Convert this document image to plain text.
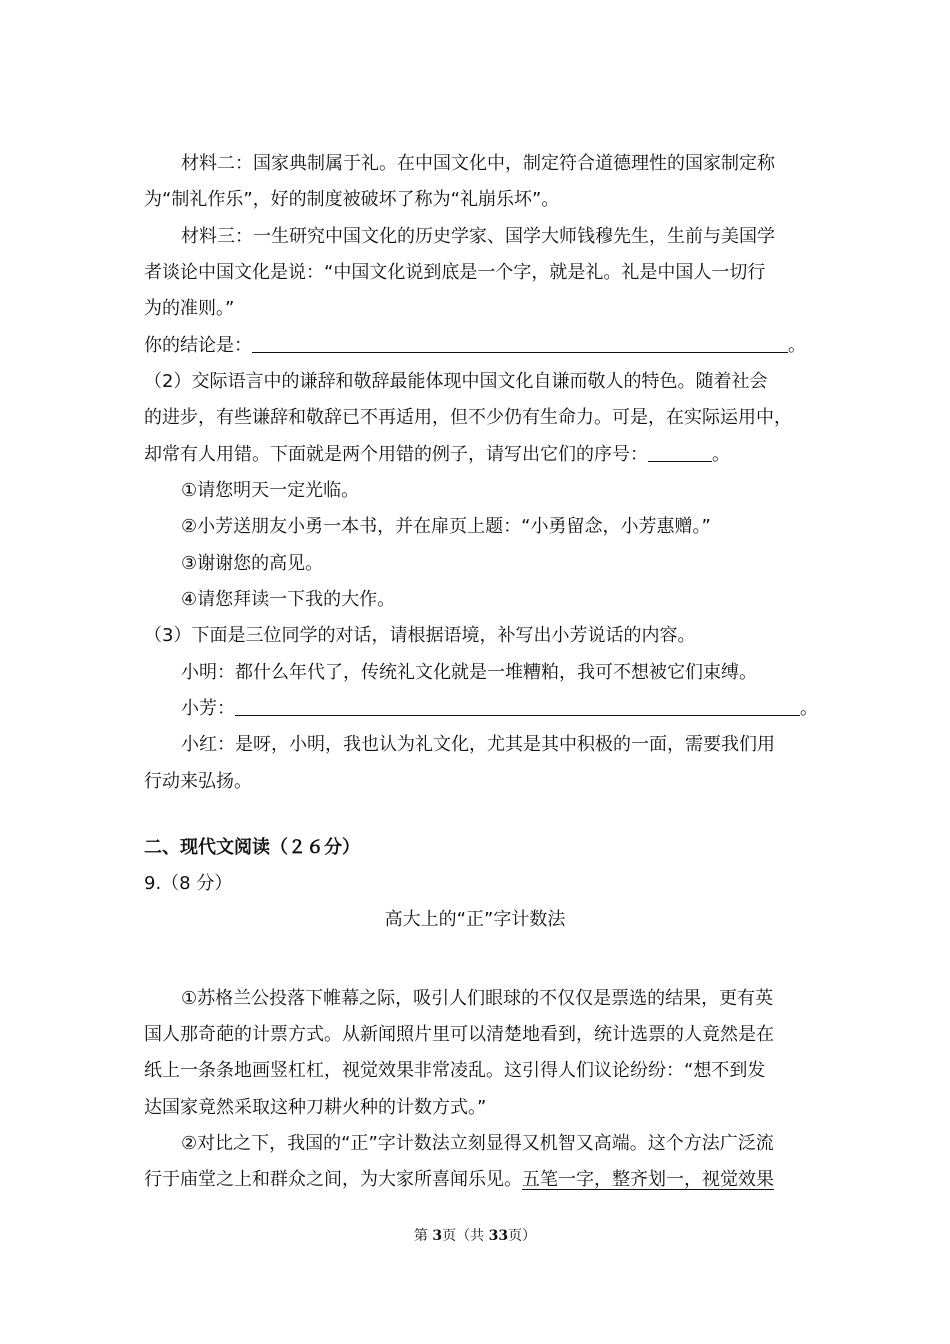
材料二：国家典制属于礼。在中国文化中，制定符合道德理性的国家制定称
为“制礼作乐”，好的制度被破坏了称为“礼崩乐坏”。
材料三：一生研究中国文化的历史学家、国学大师钱穆先生，生前与美国学
者谈论中国文化是说：“中国文化说到底是一个字，就是礼。礼是中国人一切行
为的准则。”
你的结论是：	。
（2）交际语言中的谦辞和敬辞最能体现中国文化自谦而敬人的特色。随着社会
的进步，有些谦辞和敬辞已不再适用，但不少仍有生命力。可是，在实际运用中，
却常有人用错。下面就是两个用错的例子，请写出它们的序号：	。
①请您明天一定光临。
②小芳送朋友小勇一本书，并在扉页上题：“小勇留念，小芳惠赠。”
③谢谢您的高见。
④请您拜读一下我的大作。
（3）下面是三位同学的对话，请根据语境，补写出小芳说话的内容。
小明：都什么年代了，传统礼文化就是一堆糟粕，我可不想被它们束缚。
小芳：	。
小红：是呀，小明，我也认为礼文化，尤其是其中积极的一面，需要我们用
行动来弘扬。
二、现代文阅读（２６分）
9.（8 分）
高大上的“正”字计数法
①苏格兰公投落下帷幕之际，吸引人们眼球的不仅仅是票选的结果，更有英
国人那奇葩的计票方式。从新闻照片里可以清楚地看到，统计选票的人竟然是在
纸上一条条地画竖杠杠，视觉效果非常凌乱。这引得人们议论纷纷：“想不到发
达国家竟然采取这种刀耕火种的计数方式。”
②对比之下，我国的“正”字计数法立刻显得又机智又高端。这个方法广泛流
行于庙堂之上和群众之间，为大家所喜闻乐见。五笔一字，整齐划一，视觉效果
第 3页（共 33页）
